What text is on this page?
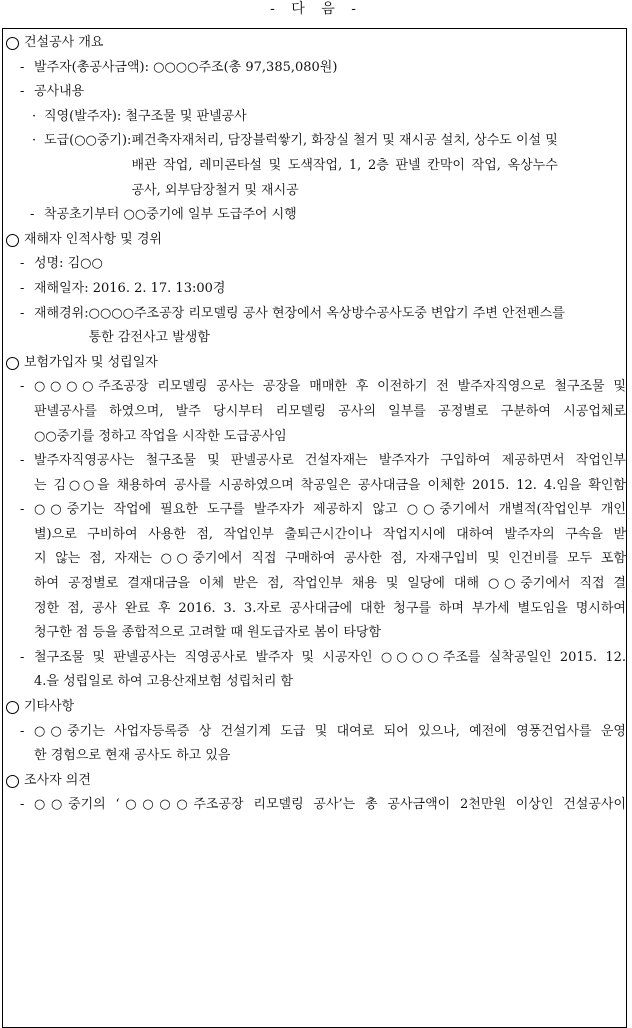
- 다 음 -
건설공사 개요
- 발주자(총공사금액): ○○○○주조(총 97,385,080원)
- 공사내용
· 직영(발주자): 철구조물 및 판넬공사
· 도급(○○중기): 폐건축자재처리, 담장블럭쌓기, 화장실 철거 및 재시공 설치, 상수도 이설 및
배관 작업, 레미콘타설 및 도색작업, 1, 2층 판넬 칸막이 작업, 옥상누수
공사, 외부담장철거 및 재시공
- 착공초기부터 ○○중기에 일부 도급주어 시행
재해자 인적사항 및 경위
- 성명: 김○○
- 재해일자: 2016. 2. 17. 13:00경
- 재해경위: ○○○○주조공장 리모델링 공사 현장에서 옥상방수공사도중 변압기 주변 안전펜스를
통한 감전사고 발생함
보험가입자 및 성립일자
- ○○○○주조공장 리모델링 공사는 공장을 매매한 후 이전하기 전 발주자직영으로 철구조물 및
판넬공사를 하였으며, 발주 당시부터 리모델링 공사의 일부를 공정별로 구분하여 시공업체로
○○중기를 정하고 작업을 시작한 도급공사임
- 발주자직영공사는 철구조물 및 판넬공사로 건설자재는 발주자가 구입하여 제공하면서 작업인부
는 김○○을 채용하여 공사를 시공하였으며 착공일은 공사대금을 이체한 2015. 12. 4.임을 확인함
- ○○중기는 작업에 필요한 도구를 발주자가 제공하지 않고 ○○중기에서 개별적(작업인부 개인
별)으로 구비하여 사용한 점, 작업인부 출퇴근시간이나 작업지시에 대하여 발주자의 구속을 받
지 않는 점, 자재는 ○○중기에서 직접 구매하여 공사한 점, 자재구입비 및 인건비를 모두 포함
하여 공정별로 결재대금을 이체 받은 점, 작업인부 채용 및 일당에 대해 ○○중기에서 직접 결
정한 점, 공사 완료 후 2016. 3. 3.자로 공사대금에 대한 청구를 하며 부가세 별도임을 명시하여
청구한 점 등을 종합적으로 고려할 때 원도급자로 봄이 타당함
- 철구조물 및 판넬공사는 직영공사로 발주자 및 시공자인 ○○○○주조를 실착공일인 2015. 12.
4.을 성립일로 하여 고용산재보험 성립처리 함
기타사항
- ○○중기는 사업자등록증 상 건설기계 도급 및 대여로 되어 있으나, 예전에 영풍건업사를 운영
한 경험으로 현재 공사도 하고 있음
조사자 의견
- ○○중기의 ‘○○○○주조공장 리모델링 공사’는 총 공사금액이 2천만원 이상인 건설공사이
